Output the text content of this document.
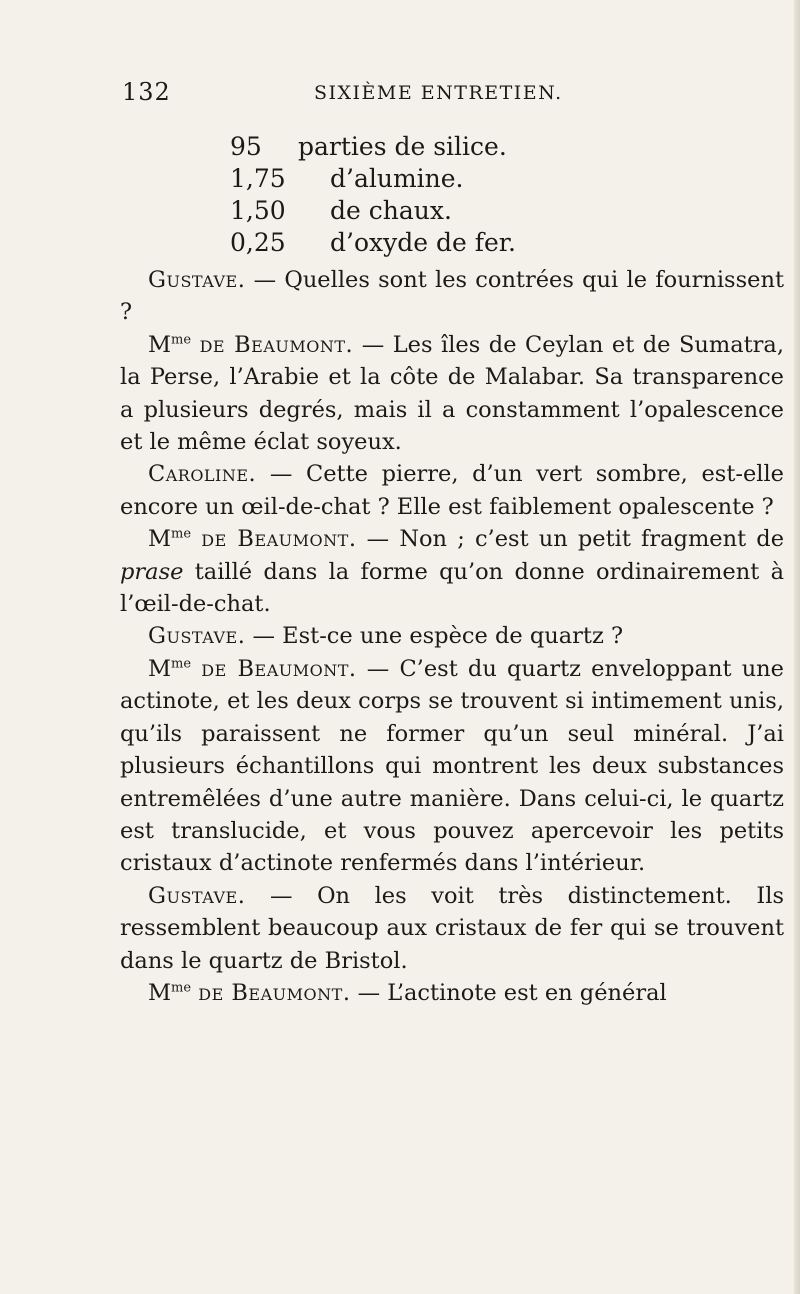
132	SIXIÈME ENTRETIEN.
95 parties de silice.
1,75 d’alumine.
1,50 de chaux.
0,25 d’oxyde de fer.

Gustave. — Quelles sont les contrées qui le fournissent ?

$M^{me}$ de Beaumont. — Les îles de Ceylan et de Sumatra, la Perse, l’Arabie et la côte de Malabar. Sa transparence a plusieurs degrés, mais il a constamment l’opalescence et le même éclat soyeux.

Caroline. — Cette pierre, d’un vert sombre, est-elle encore un œil-de-chat ? Elle est faiblement opalescente ?

$M^{me}$ de Beaumont. — Non ; c’est un petit fragment de prase taillé dans la forme qu’on donne ordinairement à l’œil-de-chat.

Gustave. — Est-ce une espèce de quartz ?

$M^{me}$ de Beaumont. — C’est du quartz enveloppant une actinote, et les deux corps se trouvent si intimement unis, qu’ils paraissent ne former qu’un seul minéral. J’ai plusieurs échantillons qui montrent les deux substances entremêlées d’une autre manière. Dans celui-ci, le quartz est translucide, et vous pouvez apercevoir les petits cristaux d’actinote renfermés dans l’intérieur.

Gustave. — On les voit très distinctement. Ils ressemblent beaucoup aux cristaux de fer qui se trouvent dans le quartz de Bristol.

$M^{me}$ de Beaumont. — L’actinote est en général
